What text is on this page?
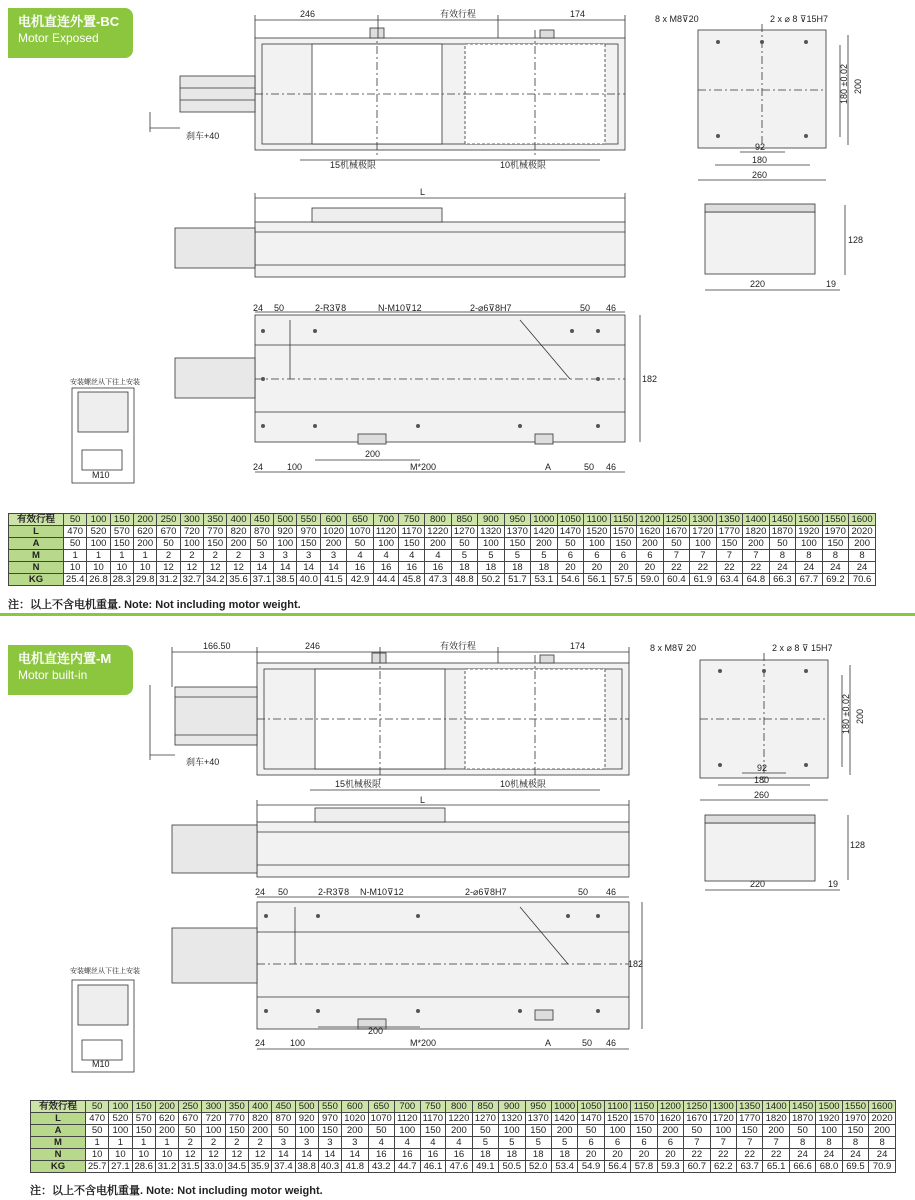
电机直连外置-BC
Motor Exposed
246	有效行程	174
刹车+40
15机械极限	10机械极限
L
24 50	2-R3⊽8	N-M10⊽12	2-⌀6⊽8H7	50 46
182
200
24	100	M*200	A	50 46
安装螺丝从下往上安装
M10
8 x M8⊽20	2 x ⌀ 8 ⊽15H7
92
180
260
180 ±0.02 200
220	19
128
有效行程	50	100	150	200	250	300	350	400	450	500	550	600	650	700	750	800	850	900	950	1000	1050	1100	1150	1200	1250	1300	1350	1400	1450	1500	1550	1600
L	470	520	570	620	670	720	770	820	870	920	970	1020	1070	1120	1170	1220	1270	1320	1370	1420	1470	1520	1570	1620	1670	1720	1770	1820	1870	1920	1970	2020
A	50	100	150	200	50	100	150	200	50	100	150	200	50	100	150	200	50	100	150	200	50	100	150	200	50	100	150	200	50	100	150	200
M	1	1	1	1	2	2	2	2	3	3	3	3	4	4	4	4	5	5	5	5	6	6	6	6	7	7	7	7	8	8	8	8
N	10	10	10	10	12	12	12	12	14	14	14	14	16	16	16	16	18	18	18	18	20	20	20	20	22	22	22	22	24	24	24	24
KG	25.4	26.8	28.3	29.8	31.2	32.7	34.2	35.6	37.1	38.5	40.0	41.5	42.9	44.4	45.8	47.3	48.8	50.2	51.7	53.1	54.6	56.1	57.5	59.0	60.4	61.9	63.4	64.8	66.3	67.7	69.2	70.6
注：以上不含电机重量. Note: Not including motor weight.
电机直连内置-M
Motor built-in
166.50	246	有效行程	174
刹车+40
15机械极限	10机械极限
L
24 50	2-R3⊽8 N-M10⊽12	2-⌀6⊽8H7	50 46
182
200
24	100	M*200	A	50 46
安装螺丝从下往上安装
M10
8 x M8⊽ 20	2 x ⌀ 8 ⊽ 15H7
92
180
260
180 ±0.02 200
220	19
128
有效行程	50	100	150	200	250	300	350	400	450	500	550	600	650	700	750	800	850	900	950	1000	1050	1100	1150	1200	1250	1300	1350	1400	1450	1500	1550	1600
L	470	520	570	620	670	720	770	820	870	920	970	1020	1070	1120	1170	1220	1270	1320	1370	1420	1470	1520	1570	1620	1670	1720	1770	1820	1870	1920	1970	2020
A	50	100	150	200	50	100	150	200	50	100	150	200	50	100	150	200	50	100	150	200	50	100	150	200	50	100	150	200	50	100	150	200
M	1	1	1	1	2	2	2	2	3	3	3	3	4	4	4	4	5	5	5	5	6	6	6	6	7	7	7	7	8	8	8	8
N	10	10	10	10	12	12	12	12	14	14	14	14	16	16	16	16	18	18	18	18	20	20	20	20	22	22	22	22	24	24	24	24
KG	25.7	27.1	28.6	31.2	31.5	33.0	34.5	35.9	37.4	38.8	40.3	41.8	43.2	44.7	46.1	47.6	49.1	50.5	52.0	53.4	54.9	56.4	57.8	59.3	60.7	62.2	63.7	65.1	66.6	68.0	69.5	70.9
注：以上不含电机重量. Note: Not including motor weight.
